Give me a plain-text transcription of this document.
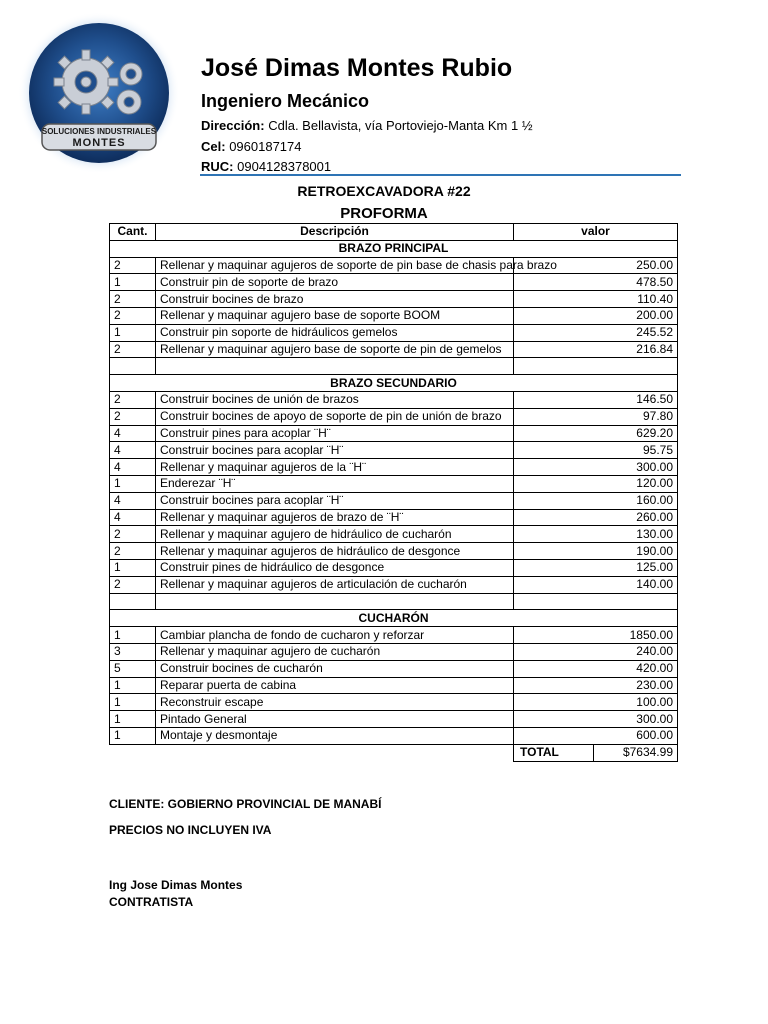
SOLUCIONES INDUSTRIALES
MONTES
José Dimas Montes Rubio
Ingeniero Mecánico
Dirección: Cdla. Bellavista, vía Portoviejo-Manta Km 1 ½
Cel: 0960187174
RUC: 0904128378001
RETROEXCAVADORA #22
PROFORMA
Cant.	Descripción	valor	
BRAZO PRINCIPAL			
2	Rellenar y maquinar agujeros de soporte de pin base de chasis para brazo	250.00	
1	Construir pin de soporte de brazo	478.50	
2	Construir bocines de brazo	110.40	
2	Rellenar y maquinar agujero base de soporte BOOM	200.00	
1	Construir pin soporte de hidráulicos gemelos	245.52	
2	Rellenar y maquinar agujero base de soporte de pin de gemelos	216.84	

BRAZO SECUNDARIO			
2	Construir bocines de unión de brazos	146.50	
2	Construir bocines de apoyo de soporte de pin de unión de brazo	97.80	
4	Construir pines para acoplar ¨H¨	629.20	
4	Construir bocines para acoplar ¨H¨	95.75	
4	Rellenar y maquinar agujeros de la ¨H¨	300.00	
1	Enderezar ¨H¨	120.00	
4	Construir bocines para acoplar ¨H¨	160.00	
4	Rellenar y maquinar agujeros de brazo de ¨H¨	260.00	
2	Rellenar y maquinar agujero de hidráulico de cucharón	130.00	
2	Rellenar y maquinar agujeros de hidráulico de desgonce	190.00	
1	Construir pines de hidráulico de desgonce	125.00	
2	Rellenar y maquinar agujeros de articulación de cucharón	140.00	

CUCHARÓN			
1	Cambiar plancha de fondo de cucharon y reforzar	1850.00	
3	Rellenar y maquinar agujero de cucharón	240.00	
5	Construir bocines de cucharón	420.00	
1	Reparar puerta de cabina	230.00	
1	Reconstruir escape	100.00	
1	Pintado General	300.00	
1	Montaje y desmontaje	600.00	
		TOTAL	$7634.99
CLIENTE: GOBIERNO PROVINCIAL DE MANABÍ
PRECIOS NO INCLUYEN IVA
Ing Jose Dimas Montes
CONTRATISTA
